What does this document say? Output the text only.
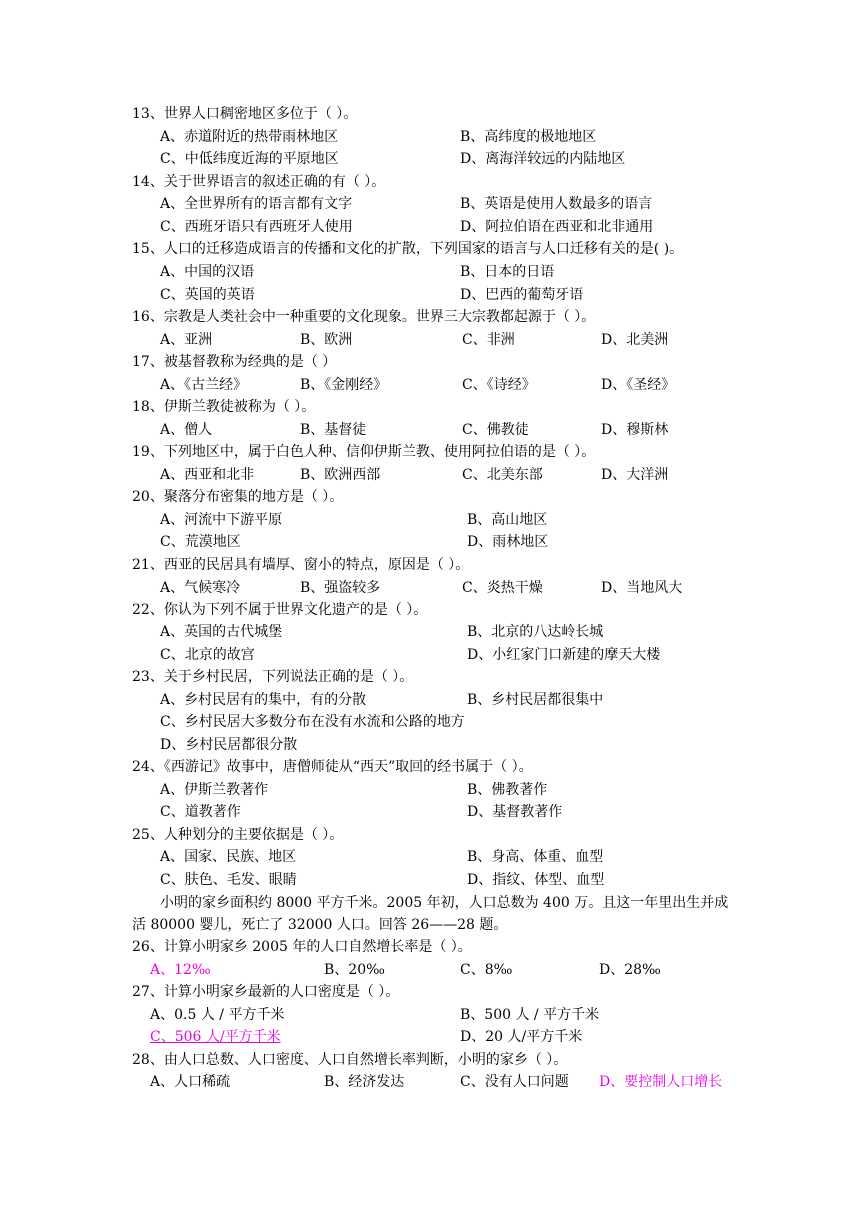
13、世界人口稠密地区多位于（ ）。
A、赤道附近的热带雨林地区	B、高纬度的极地地区
C、中低纬度近海的平原地区	D、离海洋较远的内陆地区
14、关于世界语言的叙述正确的有（ ）。
A、全世界所有的语言都有文字	B、英语是使用人数最多的语言
C、西班牙语只有西班牙人使用	D、阿拉伯语在西亚和北非通用
15、人口的迁移造成语言的传播和文化的扩散，下列国家的语言与人口迁移有关的是( )。
A、中国的汉语	B、日本的日语
C、英国的英语	D、巴西的葡萄牙语
16、宗教是人类社会中一种重要的文化现象。世界三大宗教都起源于（ ）。
A、亚洲	B、欧洲	C、非洲	D、北美洲
17、被基督教称为经典的是（ ）
A、《古兰经》	B、《金刚经》	C、《诗经》	D、《圣经》
18、伊斯兰教徒被称为（ ）。
A、僧人	B、基督徒	C、佛教徒	D、穆斯林
19、下列地区中，属于白色人种、信仰伊斯兰教、使用阿拉伯语的是（ ）。
A、西亚和北非	B、欧洲西部	C、北美东部	D、大洋洲
20、聚落分布密集的地方是（ ）。
A、河流中下游平原	B、高山地区
C、荒漠地区	D、雨林地区
21、西亚的民居具有墙厚、窗小的特点，原因是（ ）。
A、气候寒冷	B、强盗较多	C、炎热干燥	D、当地风大
22、你认为下列不属于世界文化遗产的是（ ）。
A、英国的古代城堡	B、北京的八达岭长城
C、北京的故宫	D、小红家门口新建的摩天大楼
23、关于乡村民居，下列说法正确的是（ ）。
A、乡村民居有的集中，有的分散	B、乡村民居都很集中
C、乡村民居大多数分布在没有水流和公路的地方
D、乡村民居都很分散
24、《西游记》故事中，唐僧师徒从“西天”取回的经书属于（ ）。
A、伊斯兰教著作	B、佛教著作
C、道教著作	D、基督教著作
25、人种划分的主要依据是（ ）。
A、国家、民族、地区	B、身高、体重、血型
C、肤色、毛发、眼睛	D、指纹、体型、血型
小明的家乡面积约 8000 平方千米。2005 年初，人口总数为 400 万。且这一年里出生并成活 80000 婴儿，死亡了 32000 人口。回答 26——28 题。
26、计算小明家乡 2005 年的人口自然增长率是（ ）。
A、12‰	B、20‰	C、8‰	D、28‰
27、计算小明家乡最新的人口密度是（ ）。
A、0.5 人 / 平方千米	B、500 人 / 平方千米
C、506 人/平方千米	D、20 人/平方千米
28、由人口总数、人口密度、人口自然增长率判断，小明的家乡（ ）。
A、人口稀疏	B、经济发达	C、没有人口问题 D、要控制人口增长
